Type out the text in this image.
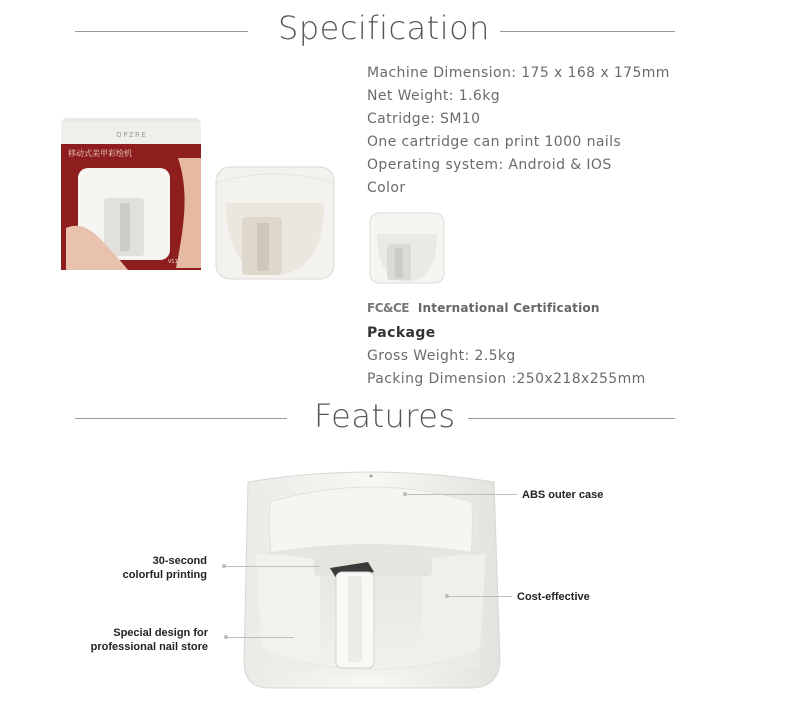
Specification
O P Z R E
移动式美甲彩绘机
V11
Machine Dimension: 175 x 168 x 175mm
Net Weight: 1.6kg
Catridge: SM10
One cartridge can print 1000 nails
Operating system: Android & IOS
Color
FC&CE International Certification
Package
Gross Weight: 2.5kg
Packing Dimension :250x218x255mm
Features
ABS outer case
Cost-effective
30-second
colorful printing
Special design for
professional nail store
